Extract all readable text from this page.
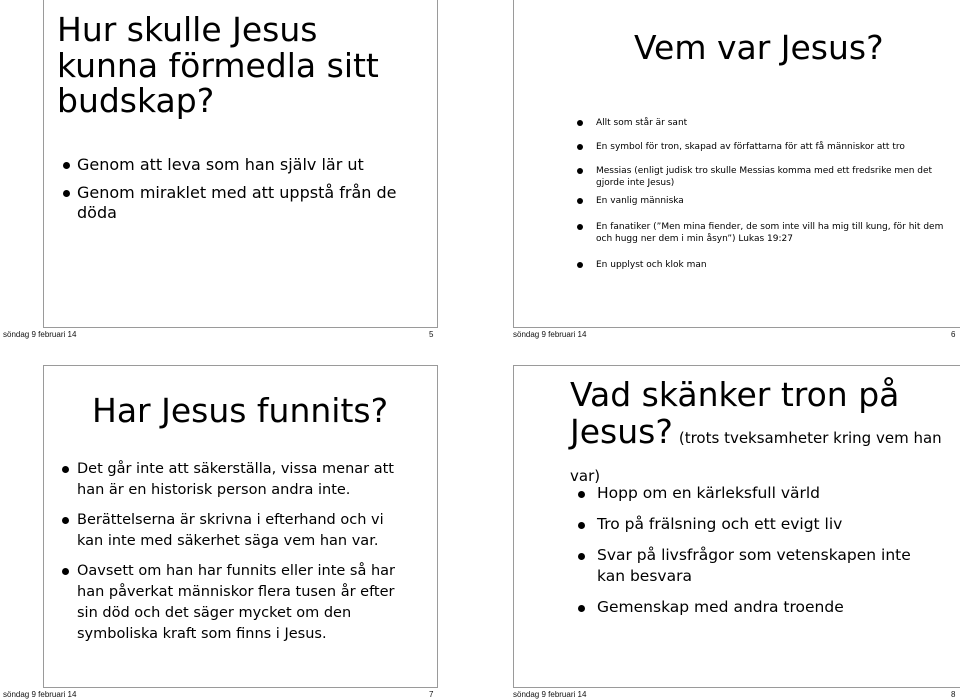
Hur skulle Jesus kunna förmedla sitt budskap?
Genom att leva som han själv lär ut
Genom miraklet med att uppstå från de döda
söndag 9 februari 14	5
Vem var Jesus?
Allt som står är sant
En symbol för tron, skapad av författarna för att få människor att tro
Messias (enligt judisk tro skulle Messias komma med ett fredsrike men det gjorde inte Jesus)
En vanlig människa
En fanatiker (”Men mina fiender, de som inte vill ha mig till kung, för hit dem och hugg ner dem i min åsyn”) Lukas 19:27
En upplyst och klok man
söndag 9 februari 14	6
Har Jesus funnits?
Det går inte att säkerställa, vissa menar att han är en historisk person andra inte.
Berättelserna är skrivna i efterhand och vi kan inte med säkerhet säga vem han var.
Oavsett om han har funnits eller inte så har han påverkat människor flera tusen år efter sin död och det säger mycket om den symboliska kraft som finns i Jesus.
söndag 9 februari 14	7
Vad skänker tron på Jesus? (trots tveksamheter kring vem han var)
Hopp om en kärleksfull värld
Tro på frälsning och ett evigt liv
Svar på livsfrågor som vetenskapen inte kan besvara
Gemenskap med andra troende
söndag 9 februari 14	8
